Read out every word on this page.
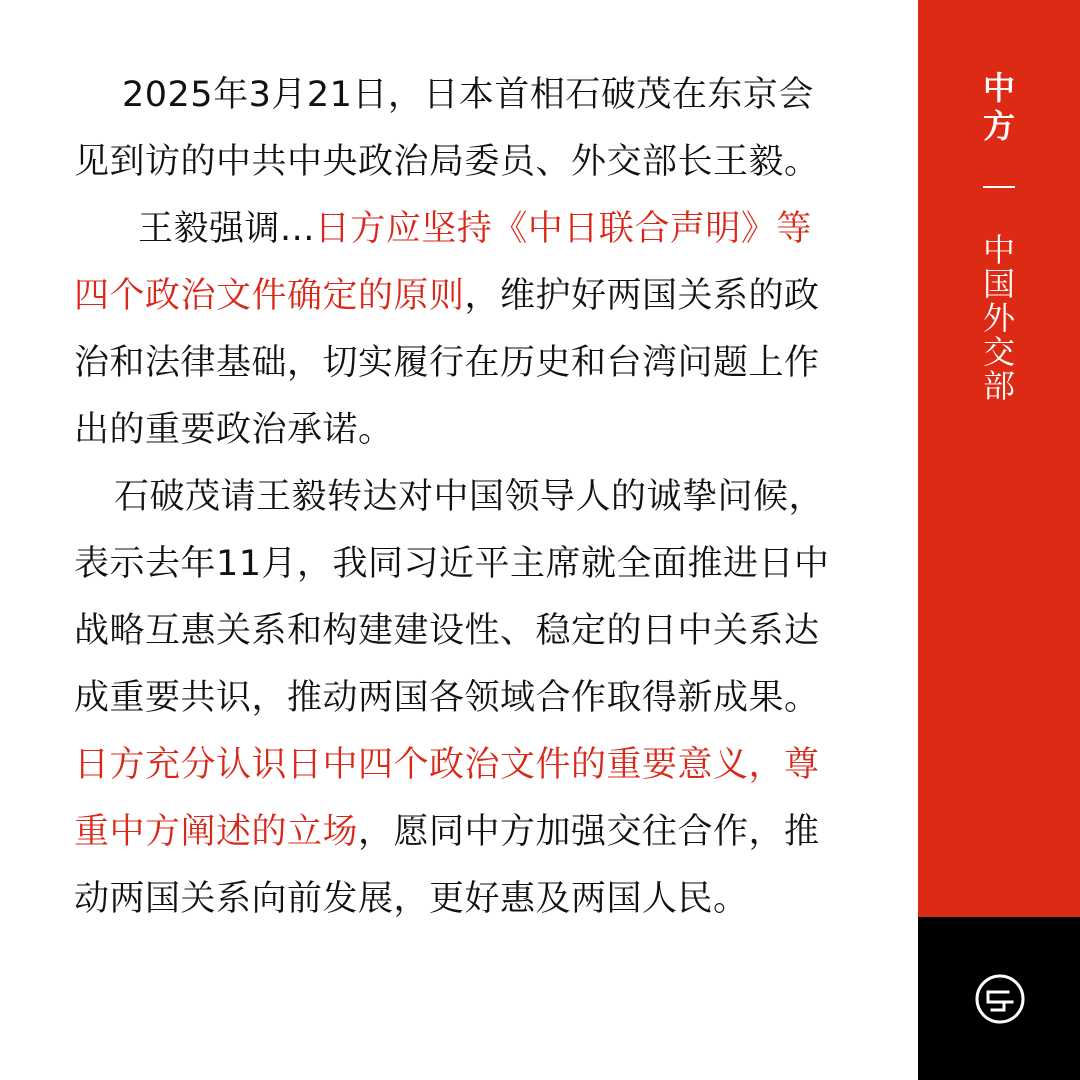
2025年3月21日，日本首相石破茂在东京会见到访的中共中央政治局委员、外交部长王毅。

王毅强调...日方应坚持《中日联合声明》等四个政治文件确定的原则，维护好两国关系的政治和法律基础，切实履行在历史和台湾问题上作出的重要政治承诺。

石破茂请王毅转达对中国领导人的诚挚问候，表示去年11月，我同习近平主席就全面推进日中战略互惠关系和构建建设性、稳定的日中关系达成重要共识，推动两国各领域合作取得新成果。日方充分认识日中四个政治文件的重要意义，尊重中方阐述的立场，愿同中方加强交往合作，推动两国关系向前发展，更好惠及两国人民。

中
方
中
国
外
交
部
